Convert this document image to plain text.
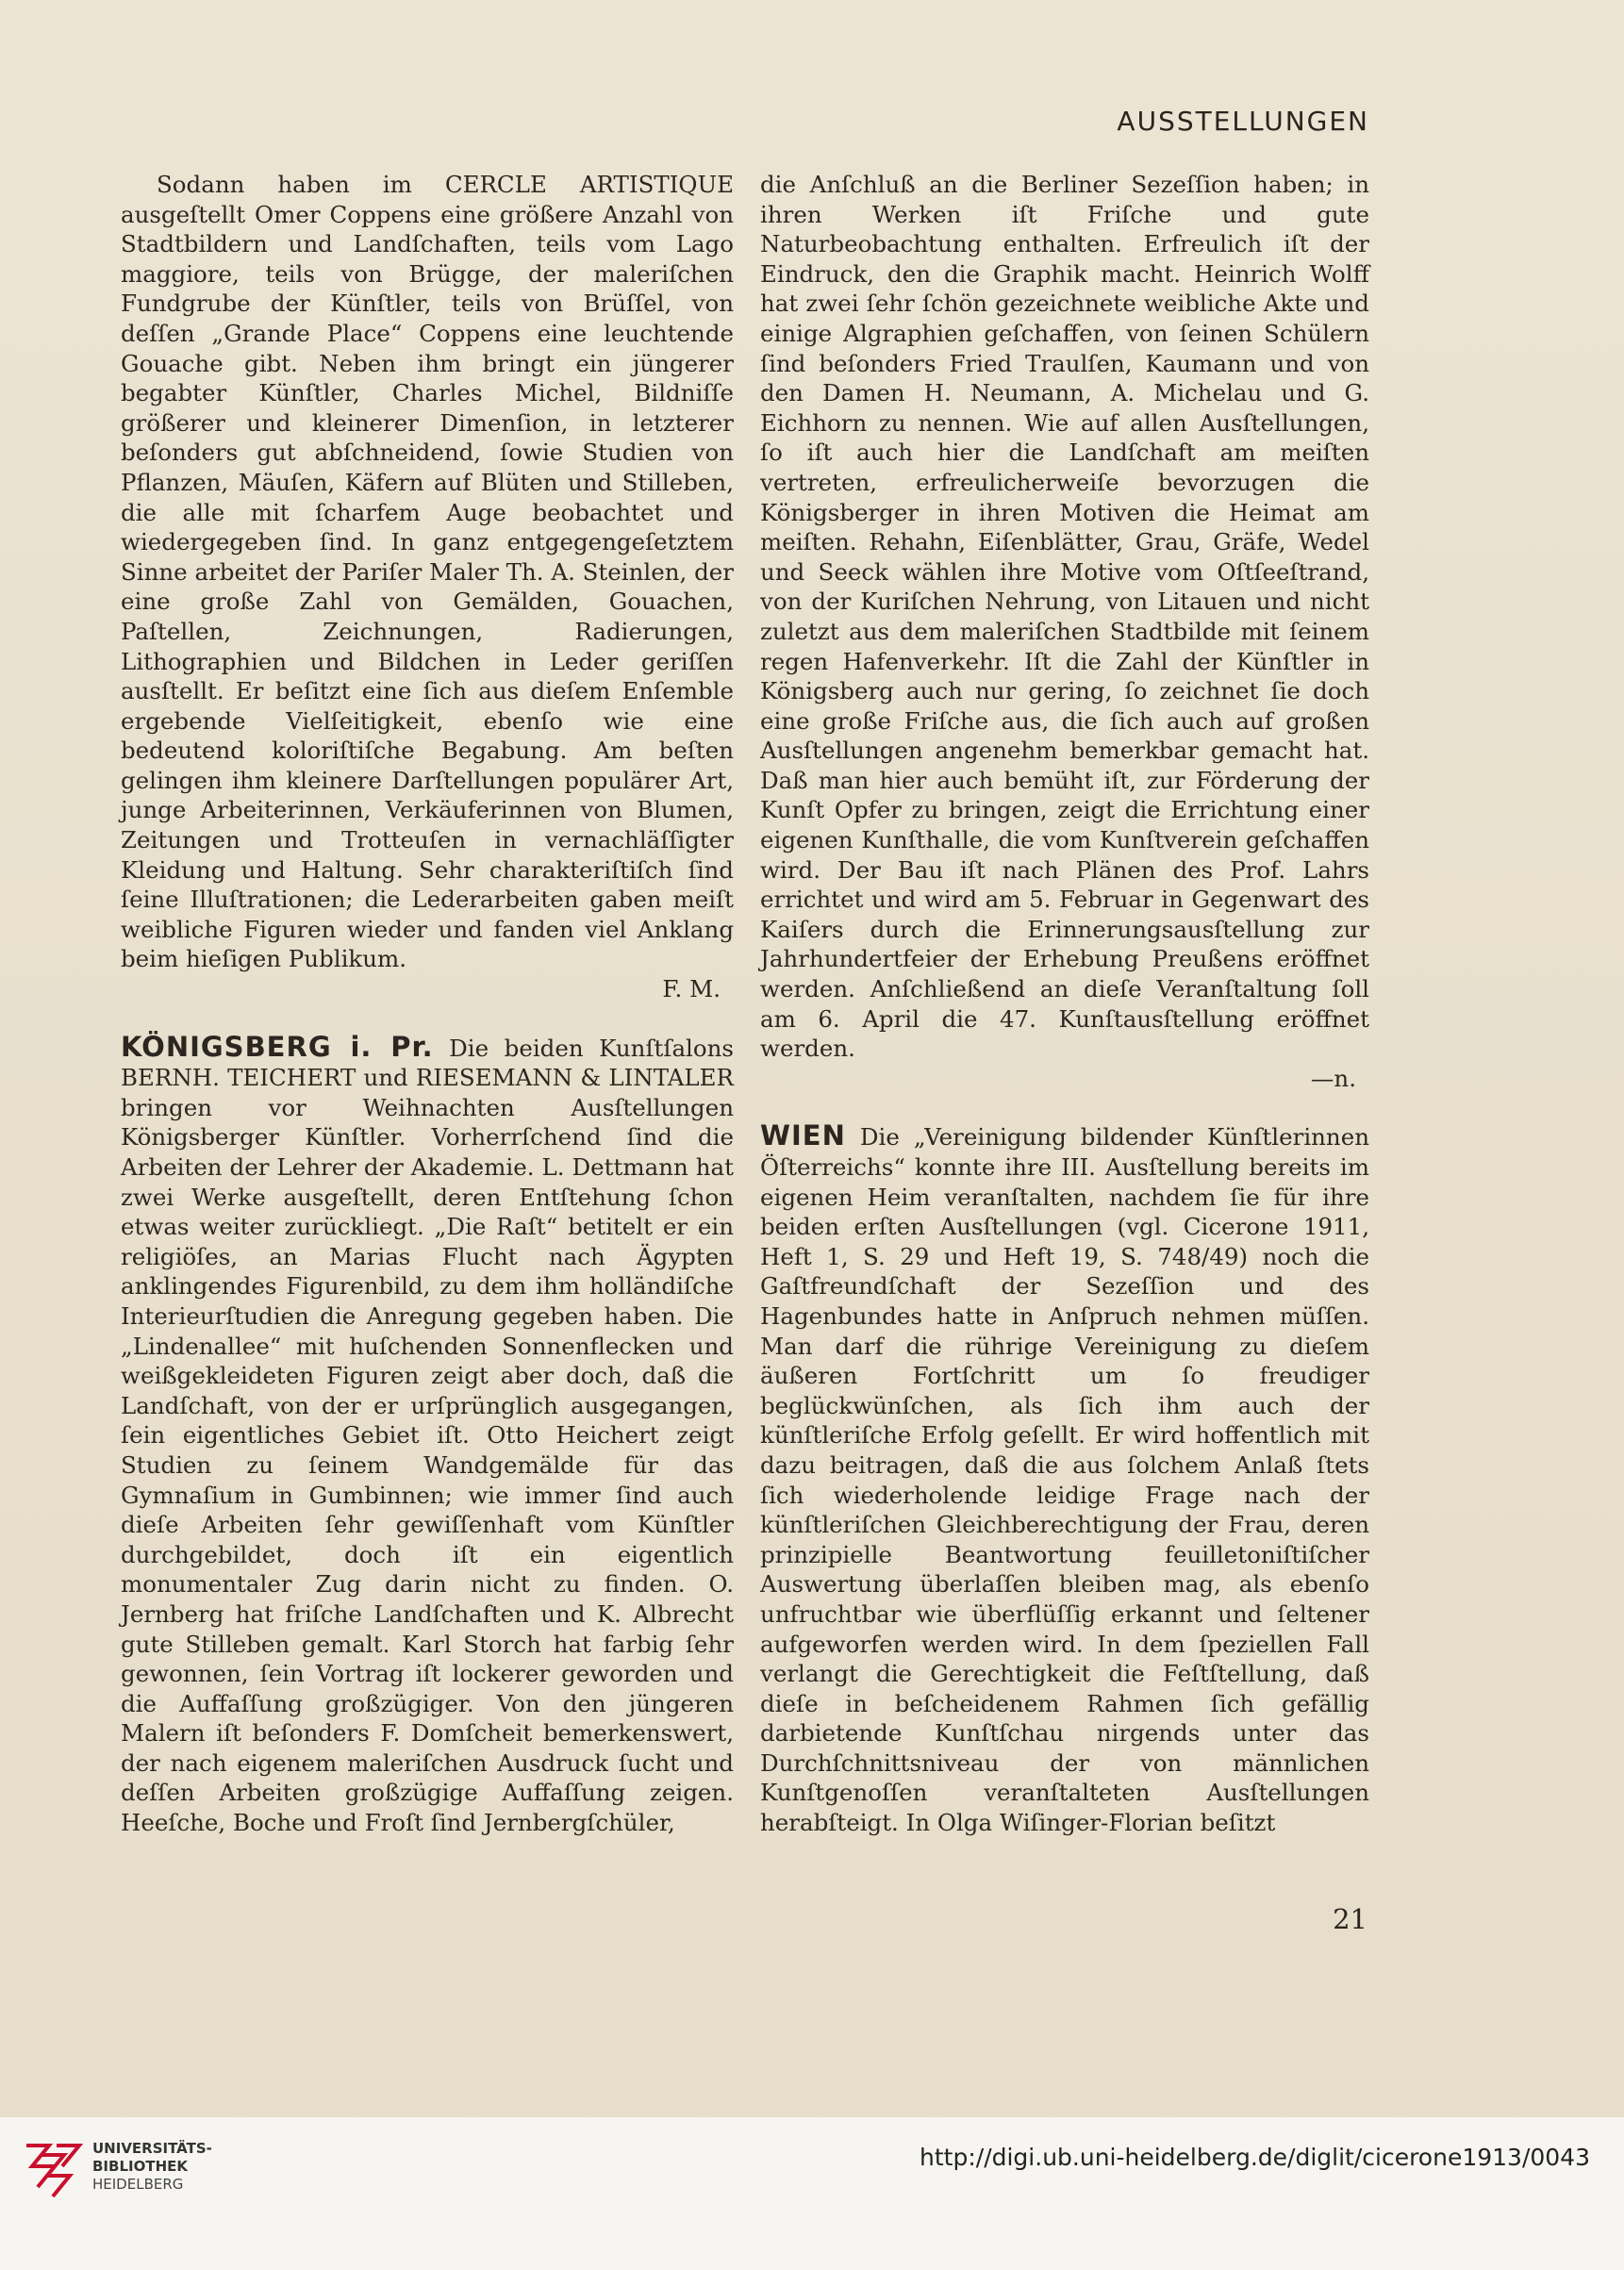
AUSSTELLUNGEN

Sodann haben im CERCLE ARTISTIQUE ausgeſtellt Omer Coppens eine größere Anzahl von Stadtbildern und Landſchaften, teils vom Lago maggiore, teils von Brügge, der maleriſchen Fundgrube der Künſtler, teils von Brüſſel, von deſſen „Grande Place“ Coppens eine leuchtende Gouache gibt. Neben ihm bringt ein jüngerer begabter Künſtler, Charles Michel, Bildniſſe größerer und kleinerer Dimenſion, in letzterer beſonders gut abſchneidend, ſowie Studien von Pflanzen, Mäuſen, Käfern auf Blüten und Stilleben, die alle mit ſcharfem Auge beobachtet und wiedergegeben ſind. In ganz entgegengeſetztem Sinne arbeitet der Pariſer Maler Th. A. Steinlen, der eine große Zahl von Gemälden, Gouachen, Paſtellen, Zeichnungen, Radierungen, Lithographien und Bildchen in Leder geriſſen ausſtellt. Er beſitzt eine ſich aus dieſem Enſemble ergebende Vielſeitigkeit, ebenſo wie eine bedeutend koloriſtiſche Begabung. Am beſten gelingen ihm kleinere Darſtellungen populärer Art, junge Arbeiterinnen, Verkäuferinnen von Blumen, Zeitungen und Trotteuſen in vernachläſſigter Kleidung und Haltung. Sehr charakteriſtiſch ſind ſeine Illuſtrationen; die Lederarbeiten gaben meiſt weibliche Figuren wieder und fanden viel Anklang beim hieſigen Publikum.

F. M.

KÖNIGSBERG i. Pr. Die beiden Kunſtſalons BERNH. TEICHERT und RIESEMANN & LINTALER bringen vor Weihnachten Ausſtellungen Königsberger Künſtler. Vorherrſchend ſind die Arbeiten der Lehrer der Akademie. L. Dettmann hat zwei Werke ausgeſtellt, deren Entſtehung ſchon etwas weiter zurückliegt. „Die Raſt“ betitelt er ein religiöſes, an Marias Flucht nach Ägypten anklingendes Figurenbild, zu dem ihm holländiſche Interieurſtudien die Anregung gegeben haben. Die „Lindenallee“ mit huſchenden Sonnenflecken und weißgekleideten Figuren zeigt aber doch, daß die Landſchaft, von der er urſprünglich ausgegangen, ſein eigentliches Gebiet iſt. Otto Heichert zeigt Studien zu ſeinem Wandgemälde für das Gymnaſium in Gumbinnen; wie immer ſind auch dieſe Arbeiten ſehr gewiſſenhaft vom Künſtler durchgebildet, doch iſt ein eigentlich monumentaler Zug darin nicht zu finden. O. Jernberg hat friſche Landſchaften und K. Albrecht gute Stilleben gemalt. Karl Storch hat farbig ſehr gewonnen, ſein Vortrag iſt lockerer geworden und die Auffaſſung großzügiger. Von den jüngeren Malern iſt beſonders F. Domſcheit bemerkenswert, der nach eigenem maleriſchen Ausdruck ſucht und deſſen Arbeiten großzügige Auffaſſung zeigen. Heeſche, Boche und Froſt ſind Jernbergſchüler,

die Anſchluß an die Berliner Sezeſſion haben; in ihren Werken iſt Friſche und gute Naturbeobachtung enthalten. Erfreulich iſt der Eindruck, den die Graphik macht. Heinrich Wolff hat zwei ſehr ſchön gezeichnete weibliche Akte und einige Algraphien geſchaffen, von ſeinen Schülern ſind beſonders Fried Traulſen, Kaumann und von den Damen H. Neumann, A. Michelau und G. Eichhorn zu nennen. Wie auf allen Ausſtellungen, ſo iſt auch hier die Landſchaft am meiſten vertreten, erfreulicherweiſe bevorzugen die Königsberger in ihren Motiven die Heimat am meiſten. Rehahn, Eiſenblätter, Grau, Gräfe, Wedel und Seeck wählen ihre Motive vom Oſtſeeſtrand, von der Kuriſchen Nehrung, von Litauen und nicht zuletzt aus dem maleriſchen Stadtbilde mit ſeinem regen Hafenverkehr. Iſt die Zahl der Künſtler in Königsberg auch nur gering, ſo zeichnet ſie doch eine große Friſche aus, die ſich auch auf großen Ausſtellungen angenehm bemerkbar gemacht hat. Daß man hier auch bemüht iſt, zur Förderung der Kunſt Opfer zu bringen, zeigt die Errichtung einer eigenen Kunſthalle, die vom Kunſtverein geſchaffen wird. Der Bau iſt nach Plänen des Prof. Lahrs errichtet und wird am 5. Februar in Gegenwart des Kaiſers durch die Erinnerungsausſtellung zur Jahrhundertfeier der Erhebung Preußens eröffnet werden. Anſchließend an dieſe Veranſtaltung ſoll am 6. April die 47. Kunſtausſtellung eröffnet werden.

—n.

WIEN Die „Vereinigung bildender Künſtlerinnen Öſterreichs“ konnte ihre III. Ausſtellung bereits im eigenen Heim veranſtalten, nachdem ſie für ihre beiden erſten Ausſtellungen (vgl. Cicerone 1911, Heft 1, S. 29 und Heft 19, S. 748/49) noch die Gaſtfreundſchaft der Sezeſſion und des Hagenbundes hatte in Anſpruch nehmen müſſen. Man darf die rührige Vereinigung zu dieſem äußeren Fortſchritt um ſo freudiger beglückwünſchen, als ſich ihm auch der künſtleriſche Erfolg geſellt. Er wird hoffentlich mit dazu beitragen, daß die aus ſolchem Anlaß ſtets ſich wiederholende leidige Frage nach der künſtleriſchen Gleichberechtigung der Frau, deren prinzipielle Beantwortung feuilletoniſtiſcher Auswertung überlaſſen bleiben mag, als ebenſo unfruchtbar wie überflüſſig erkannt und ſeltener aufgeworfen werden wird. In dem ſpeziellen Fall verlangt die Gerechtigkeit die Feſtſtellung, daß dieſe in beſcheidenem Rahmen ſich gefällig darbietende Kunſtſchau nirgends unter das Durchſchnittsniveau der von männlichen Kunſtgenoſſen veranſtalteten Ausſtellungen herabſteigt. In Olga Wiſinger-Florian beſitzt

21
UNIVERSITÄTS-
BIBLIOTHEK
HEIDELBERG
http://digi.ub.uni-heidelberg.de/diglit/cicerone1913/0043
